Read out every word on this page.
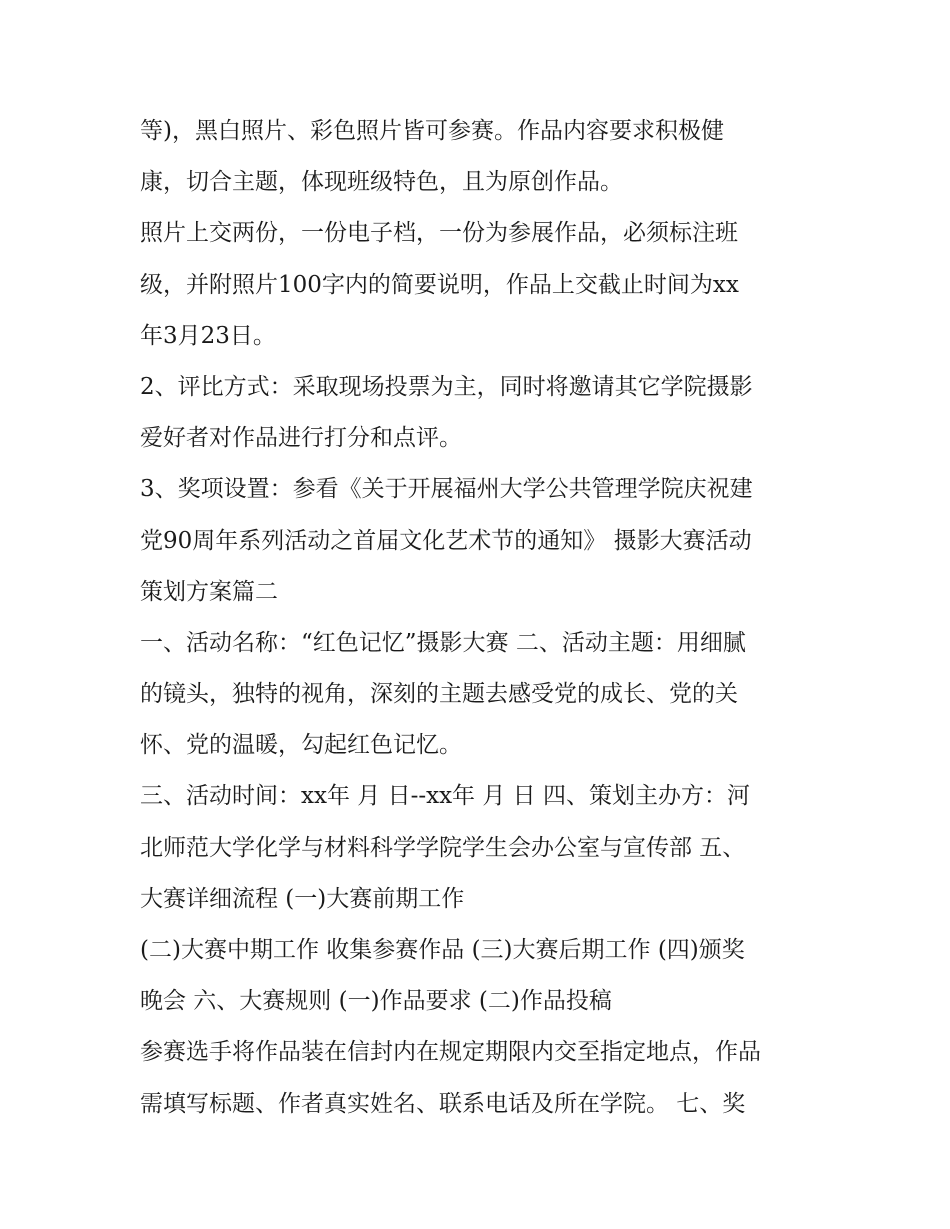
等)，黑白照片、彩色照片皆可参赛。作品内容要求积极健
康，切合主题，体现班级特色，且为原创作品。
照片上交两份，一份电子档，一份为参展作品，必须标注班
级，并附照片100字内的简要说明，作品上交截止时间为xx
年3月23日。
2、评比方式：采取现场投票为主，同时将邀请其它学院摄影
爱好者对作品进行打分和点评。
3、奖项设置：参看《关于开展福州大学公共管理学院庆祝建
党90周年系列活动之首届文化艺术节的通知》 摄影大赛活动
策划方案篇二
一、活动名称：“红色记忆”摄影大赛 二、活动主题：用细腻
的镜头，独特的视角，深刻的主题去感受党的成长、党的关
怀、党的温暖，勾起红色记忆。
三、活动时间：xx年 月 日--xx年 月 日 四、策划主办方：河
北师范大学化学与材料科学学院学生会办公室与宣传部 五、
大赛详细流程 (一)大赛前期工作
(二)大赛中期工作 收集参赛作品 (三)大赛后期工作 (四)颁奖
晚会 六、大赛规则 (一)作品要求 (二)作品投稿
参赛选手将作品装在信封内在规定期限内交至指定地点，作品
需填写标题、作者真实姓名、联系电话及所在学院。 七、奖
